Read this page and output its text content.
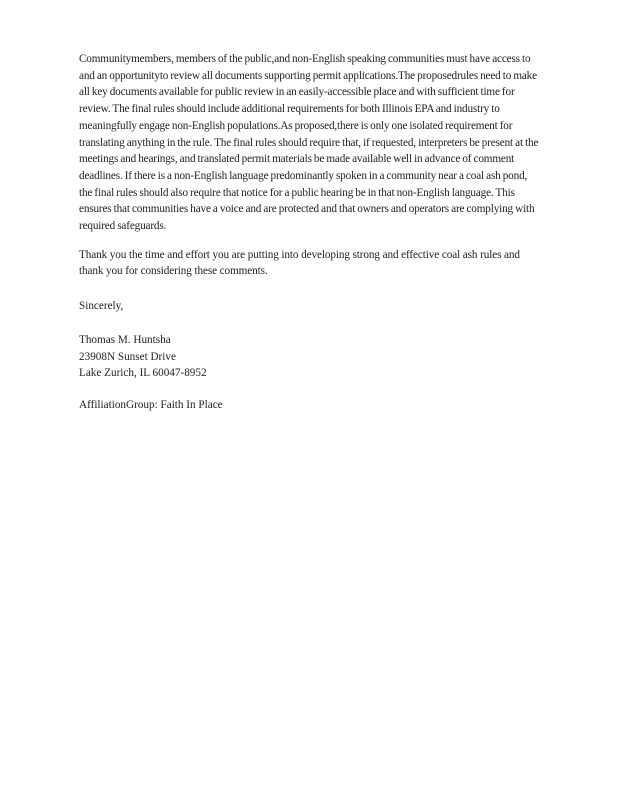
Communitymembers, members of the public,and non-English speaking communities must have access to and an opportunityto review all documents supporting permit applications.The proposedrules need to make all key documents available for public review in an easily-accessible place and with sufficient time for review. The final rules should include additional requirements for both Illinois EPA and industry to meaningfully engage non-English populations.As proposed,there is only one isolated requirement for translating anything in the rule. The final rules should require that, if requested, interpreters be present at the meetings and hearings, and translated permit materials be made available well in advance of comment deadlines. If there is a non-English language predominantly spoken in a community near a coal ash pond, the final rules should also require that notice for a public hearing be in that non-English language. This ensures that communities have a voice and are protected and that owners and operators are complying with required safeguards.

Thank you the time and effort you are putting into developing strong and effective coal ash rules and thank you for considering these comments.

Sincerely,

Thomas M. Huntsha
23908N Sunset Drive
Lake Zurich, IL 60047-8952

AffiliationGroup: Faith In Place
